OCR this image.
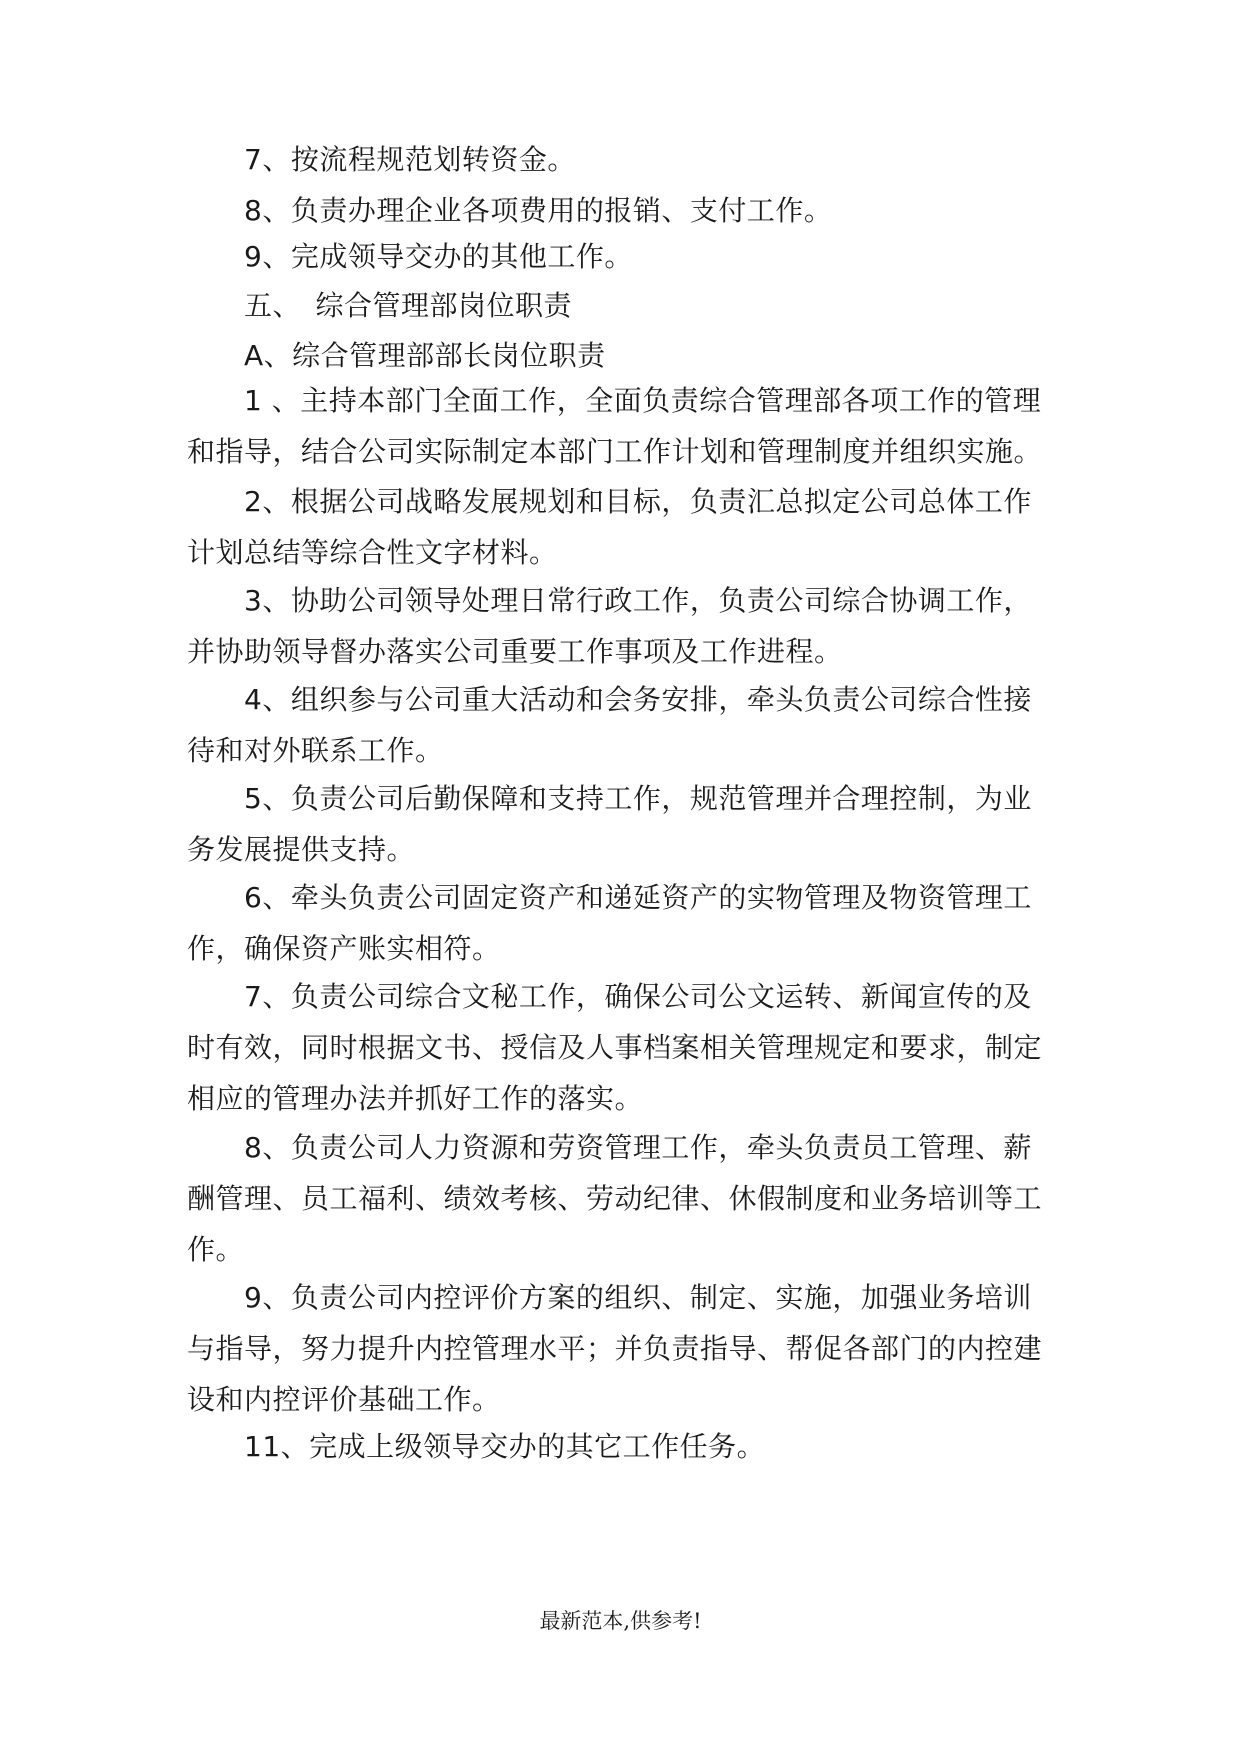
7、按流程规范划转资金。

8、负责办理企业各项费用的报销、支付工作。

9、完成领导交办的其他工作。

五、　综合管理部岗位职责

A、综合管理部部长岗位职责

1 、主持本部门全面工作，全面负责综合管理部各项工作的管理
和指导，结合公司实际制定本部门工作计划和管理制度并组织实施。

2、根据公司战略发展规划和目标，负责汇总拟定公司总体工作
计划总结等综合性文字材料。

3、协助公司领导处理日常行政工作，负责公司综合协调工作，
并协助领导督办落实公司重要工作事项及工作进程。

4、组织参与公司重大活动和会务安排，牵头负责公司综合性接
待和对外联系工作。

5、负责公司后勤保障和支持工作，规范管理并合理控制，为业
务发展提供支持。

6、牵头负责公司固定资产和递延资产的实物管理及物资管理工
作，确保资产账实相符。

7、负责公司综合文秘工作，确保公司公文运转、新闻宣传的及
时有效，同时根据文书、授信及人事档案相关管理规定和要求，制定
相应的管理办法并抓好工作的落实。

8、负责公司人力资源和劳资管理工作，牵头负责员工管理、薪
酬管理、员工福利、绩效考核、劳动纪律、休假制度和业务培训等工
作。

9、负责公司内控评价方案的组织、制定、实施，加强业务培训
与指导，努力提升内控管理水平；并负责指导、帮促各部门的内控建
设和内控评价基础工作。

11、完成上级领导交办的其它工作任务。

最新范本,供参考!
